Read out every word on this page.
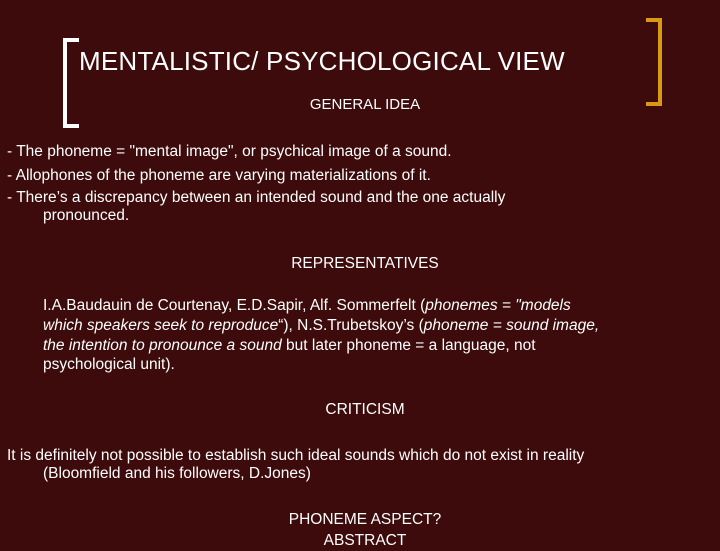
MENTALISTIC/ PSYCHOLOGICAL VIEW
GENERAL IDEA
- The phoneme = "mental image", or psychical image of a sound.
- Allophones of the phoneme are varying materializations of it.
- There’s a discrepancy between an intended sound and the one actually
pronounced.
REPRESENTATIVES
I.A.Baudauin de Courtenay, E.D.Sapir, Alf. Sommerfelt (phonemes = "models
which speakers seek to reproduce“), N.S.Trubetskoy’s (phoneme = sound image,
the intention to pronounce a sound but later phoneme = a language, not
psychological unit).
CRITICISM
It is definitely not possible to establish such ideal sounds which do not exist in reality
(Bloomfield and his followers, D.Jones)
PHONEME ASPECT?
ABSTRACT
